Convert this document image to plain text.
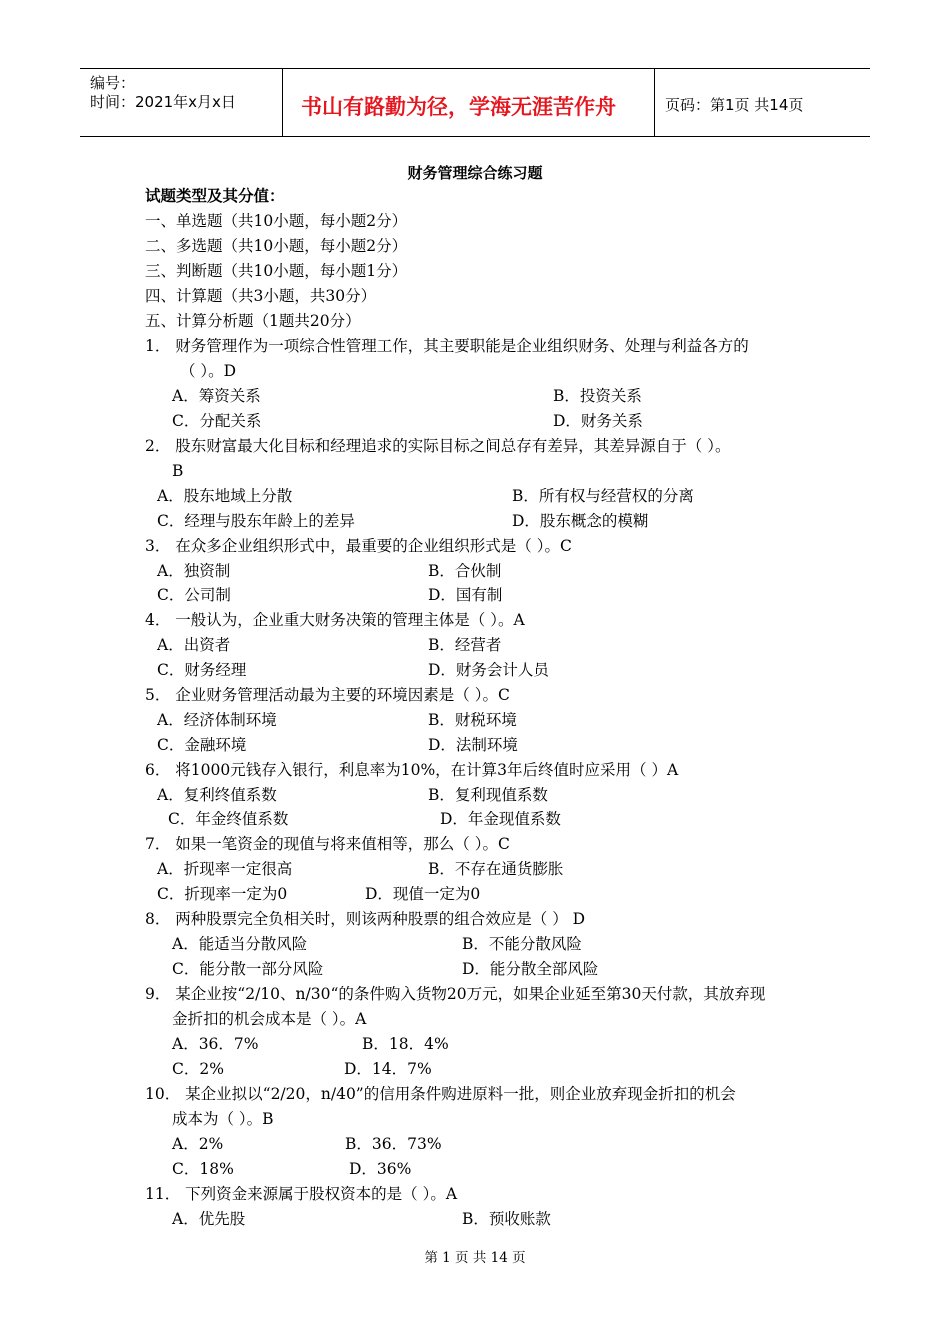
编号：
时间：2021年x月x日	书山有路勤为径，学海无涯苦作舟	页码：第1页 共14页
财务管理综合练习题
试题类型及其分值：
一、单选题（共10小题，每小题2分）
二、多选题（共10小题，每小题2分）
三、判断题（共10小题，每小题1分）
四、计算题（共3小题，共30分）
五、计算分析题（1题共20分）
1． 财务管理作为一项综合性管理工作，其主要职能是企业组织财务、处理与利益各方的
（ ）。D
A．筹资关系	B．投资关系
C．分配关系	D．财务关系
2． 股东财富最大化目标和经理追求的实际目标之间总存有差异，其差异源自于（ ）。
B
A．股东地域上分散	B．所有权与经营权的分离
C．经理与股东年龄上的差异	D．股东概念的模糊
3． 在众多企业组织形式中，最重要的企业组织形式是（ ）。C
A．独资制	B．合伙制
C．公司制	D．国有制
4． 一般认为，企业重大财务决策的管理主体是（ ）。A
A．出资者	B．经营者
C．财务经理	D．财务会计人员
5． 企业财务管理活动最为主要的环境因素是（ ）。C
A．经济体制环境	B．财税环境
C．金融环境	D．法制环境
6． 将1000元钱存入银行，利息率为10%，在计算3年后终值时应采用（ ）A
A．复利终值系数	B．复利现值系数
C．年金终值系数	D．年金现值系数
7． 如果一笔资金的现值与将来值相等，那么（ ）。C
A．折现率一定很高	B．不存在通货膨胀
C．折现率一定为0	D．现值一定为0
8． 两种股票完全负相关时，则该两种股票的组合效应是（ ） D
A．能适当分散风险	B．不能分散风险
C．能分散一部分风险	D．能分散全部风险
9． 某企业按“2/10、n/30“的条件购入货物20万元，如果企业延至第30天付款，其放弃现
金折扣的机会成本是（ ）。A
A．36．7%	B．18．4%
C．2%	D．14．7%
10． 某企业拟以“2/20，n/40”的信用条件购进原料一批，则企业放弃现金折扣的机会
成本为（ ）。B
A．2%	B．36．73%
C．18%	D．36%
11． 下列资金来源属于股权资本的是（ ）。A
A．优先股	B．预收账款
第 1 页 共 14 页
